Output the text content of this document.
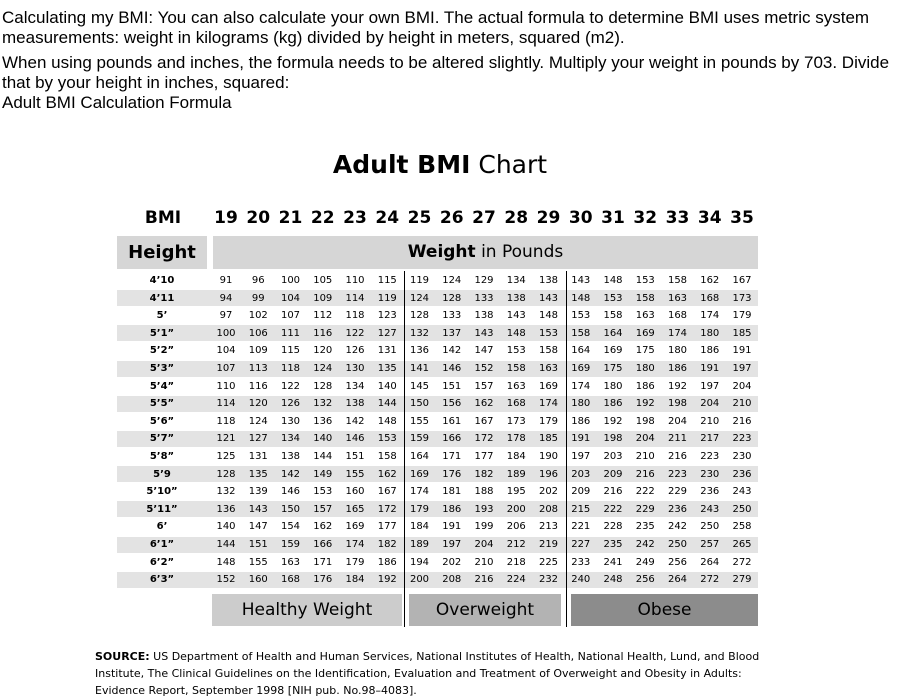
Calculating my BMI: You can also calculate your own BMI. The actual formula to determine BMI uses metric system measurements: weight in kilograms (kg) divided by height in meters, squared (m2).

When using pounds and inches, the formula needs to be altered slightly. Multiply your weight in pounds by 703. Divide that by your height in inches, squared:

Adult BMI Calculation Formula

Adult BMI Chart
BMI
Height	Weight in Pounds
Healthy Weight	Overweight	Obese
19 20 21 22 23 24 25 26 27 28 29 30 31 32 33 34 35
4’10	91	96	100	105	110	115	119	124	129	134	138	143	148	153	158	162	167
4’11	94	99	104	109	114	119	124	128	133	138	143	148	153	158	163	168	173
5’	97	102	107	112	118	123	128	133	138	143	148	153	158	163	168	174	179
5’1”	100	106	111	116	122	127	132	137	143	148	153	158	164	169	174	180	185
5’2”	104	109	115	120	126	131	136	142	147	153	158	164	169	175	180	186	191
5’3”	107	113	118	124	130	135	141	146	152	158	163	169	175	180	186	191	197
5’4”	110	116	122	128	134	140	145	151	157	163	169	174	180	186	192	197	204
5’5”	114	120	126	132	138	144	150	156	162	168	174	180	186	192	198	204	210
5’6”	118	124	130	136	142	148	155	161	167	173	179	186	192	198	204	210	216
5’7”	121	127	134	140	146	153	159	166	172	178	185	191	198	204	211	217	223
5’8”	125	131	138	144	151	158	164	171	177	184	190	197	203	210	216	223	230
5’9	128	135	142	149	155	162	169	176	182	189	196	203	209	216	223	230	236
5’10”	132	139	146	153	160	167	174	181	188	195	202	209	216	222	229	236	243
5’11”	136	143	150	157	165	172	179	186	193	200	208	215	222	229	236	243	250
6’	140	147	154	162	169	177	184	191	199	206	213	221	228	235	242	250	258
6’1”	144	151	159	166	174	182	189	197	204	212	219	227	235	242	250	257	265
6’2”	148	155	163	171	179	186	194	202	210	218	225	233	241	249	256	264	272
6’3”	152	160	168	176	184	192	200	208	216	224	232	240	248	256	264	272	279
SOURCE: US Department of Health and Human Services, National Institutes of Health, National Health, Lund, and Blood Institute, The Clinical Guidelines on the Identification, Evaluation and Treatment of Overweight and Obesity in Adults: Evidence Report, September 1998 [NIH pub. No.98–4083].
